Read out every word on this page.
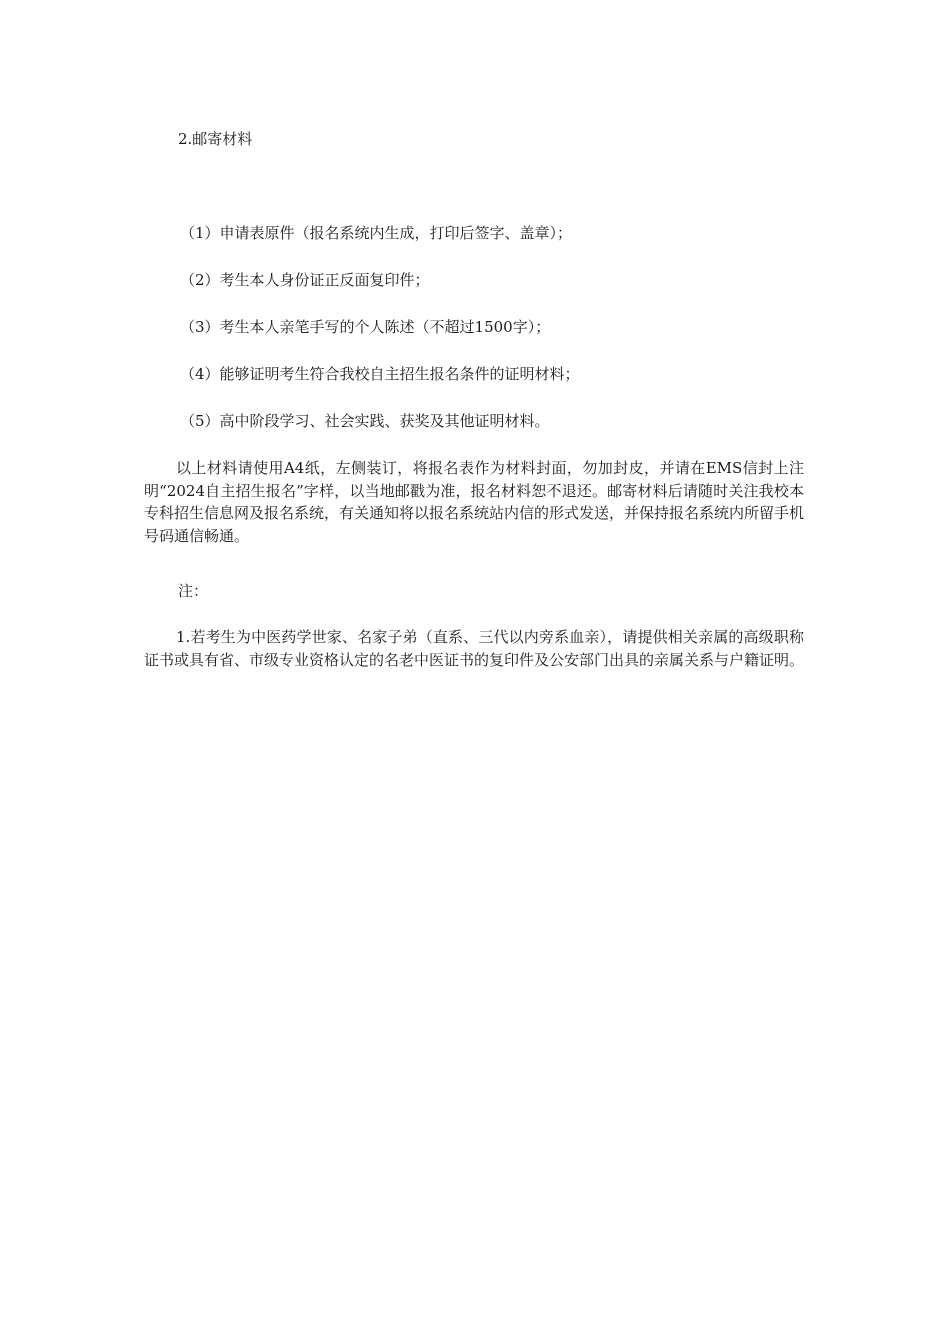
2.邮寄材料
（1）申请表原件（报名系统内生成，打印后签字、盖章）；
（2）考生本人身份证正反面复印件；
（3）考生本人亲笔手写的个人陈述（不超过1500字）；
（4）能够证明考生符合我校自主招生报名条件的证明材料；
（5）高中阶段学习、社会实践、获奖及其他证明材料。

以上材料请使用A4纸，左侧装订，将报名表作为材料封面，勿加封皮，并请在EMS信封上注明“2024自主招生报名”字样，以当地邮戳为准，报名材料恕不退还。邮寄材料后请随时关注我校本专科招生信息网及报名系统，有关通知将以报名系统站内信的形式发送，并保持报名系统内所留手机号码通信畅通。

注：

1.若考生为中医药学世家、名家子弟（直系、三代以内旁系血亲），请提供相关亲属的高级职称证书或具有省、市级专业资格认定的名老中医证书的复印件及公安部门出具的亲属关系与户籍证明。
